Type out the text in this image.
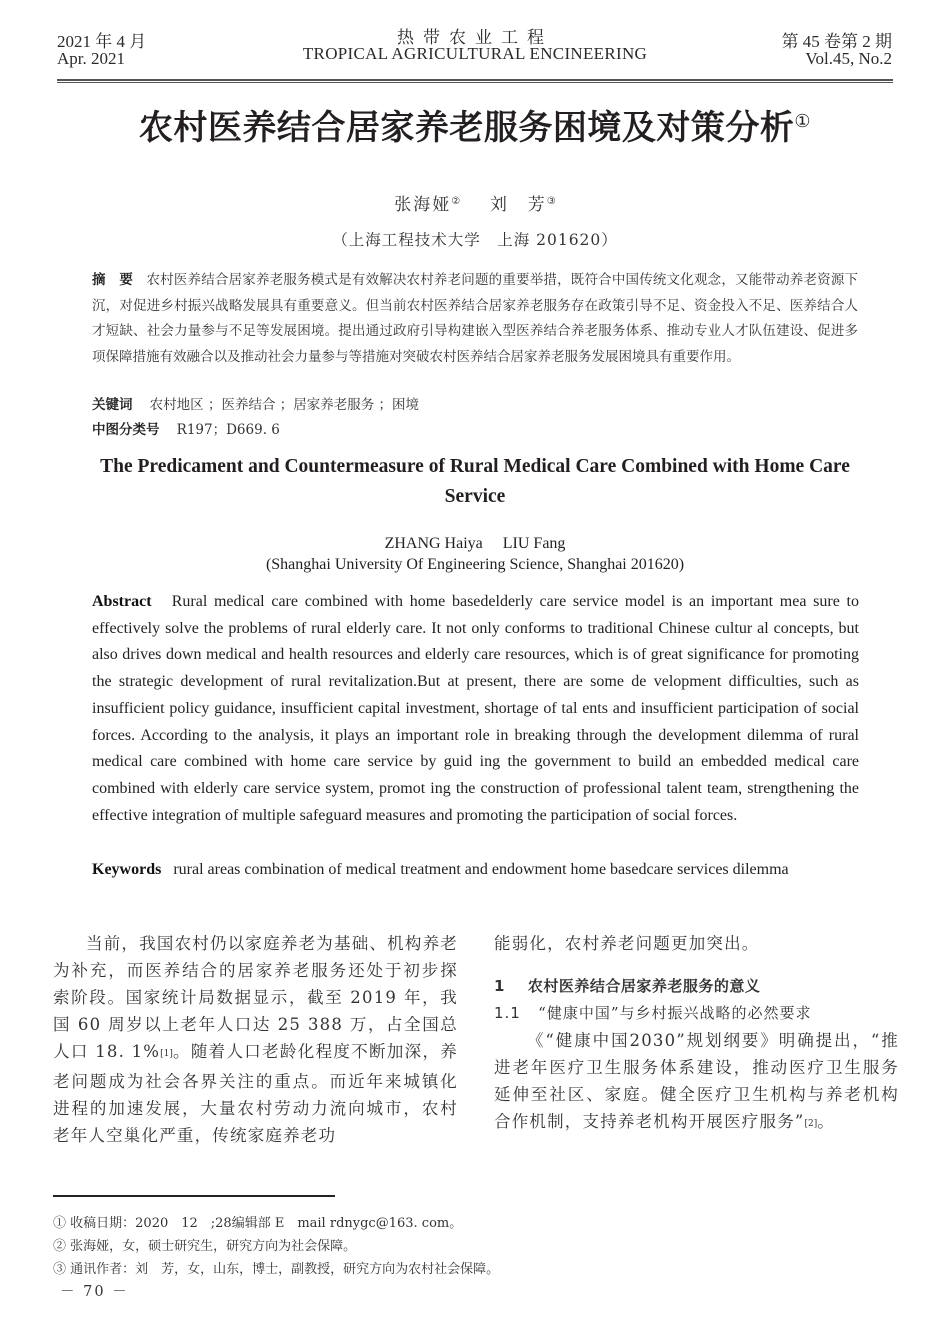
2021 年 4 月
Apr. 2021
热带农业工程
TROPICAL AGRICULTURAL ENCINEERING
第 45 卷第 2 期
Vol.45, No.2
农村医养结合居家养老服务困境及对策分析①
张海娅② 刘　芳③
（上海工程技术大学　上海 201620）
摘　要 农村医养结合居家养老服务模式是有效解决农村养老问题的重要举措，既符合中国传统文化观念，又能带动养老资源下沉，对促进乡村振兴战略发展具有重要意义。但当前农村医养结合居家养老服务存在政策引导不足、资金投入不足、医养结合人才短缺、社会力量参与不足等发展困境。提出通过政府引导构建嵌入型医养结合养老服务体系、推动专业人才队伍建设、促进多项保障措施有效融合以及推动社会力量参与等措施对突破农村医养结合居家养老服务发展困境具有重要作用。
关键词 农村地区 ；医养结合 ；居家养老服务 ；困境
中图分类号 R197；D669. 6
The Predicament and Countermeasure of Rural Medical Care Combined with Home Care Service
ZHANG Haiya　 LIU Fang
(Shanghai University Of Engineering Science, Shanghai 201620)
Abstract Rural medical care combined with home basedelderly care service model is an important mea sure to effectively solve the problems of rural elderly care. It not only conforms to traditional Chinese cultur al concepts, but also drives down medical and health resources and elderly care resources, which is of great significance for promoting the strategic development of rural revitalization.But at present, there are some de velopment difficulties, such as insufficient policy guidance, insufficient capital investment, shortage of tal ents and insufficient participation of social forces. According to the analysis, it plays an important role in breaking through the development dilemma of rural medical care combined with home care service by guid ing the government to build an embedded medical care combined with elderly care service system, promot ing the construction of professional talent team, strengthening the effective integration of multiple safeguard measures and promoting the participation of social forces.
Keywords rural areas combination of medical treatment and endowment home basedcare services dilemma
当前，我国农村仍以家庭养老为基础、机构养老为补充，而医养结合的居家养老服务还处于初步探索阶段。国家统计局数据显示，截至 2019 年，我国 60 周岁以上老年人口达 25 388 万，占全国总人口 18. 1%[1]。随着人口老龄化程度不断加深，养老问题成为社会各界关注的重点。而近年来城镇化进程的加速发展，大量农村劳动力流向城市，农村老年人空巢化严重，传统家庭养老功
能弱化，农村养老问题更加突出。
1 农村医养结合居家养老服务的意义
1.1 “健康中国”与乡村振兴战略的必然要求
《“健康中国2030”规划纲要》明确提出，“推进老年医疗卫生服务体系建设，推动医疗卫生服务延伸至社区、家庭。健全医疗卫生机构与养老机构合作机制，支持养老机构开展医疗服务”[2]。
① 收稿日期：2020　12　;28编辑部 E　mail rdnygc@163. com。
② 张海娅，女，硕士研究生，研究方向为社会保障。
③ 通讯作者：刘　芳，女，山东，博士，副教授，研究方向为农村社会保障。
－ 70 －
